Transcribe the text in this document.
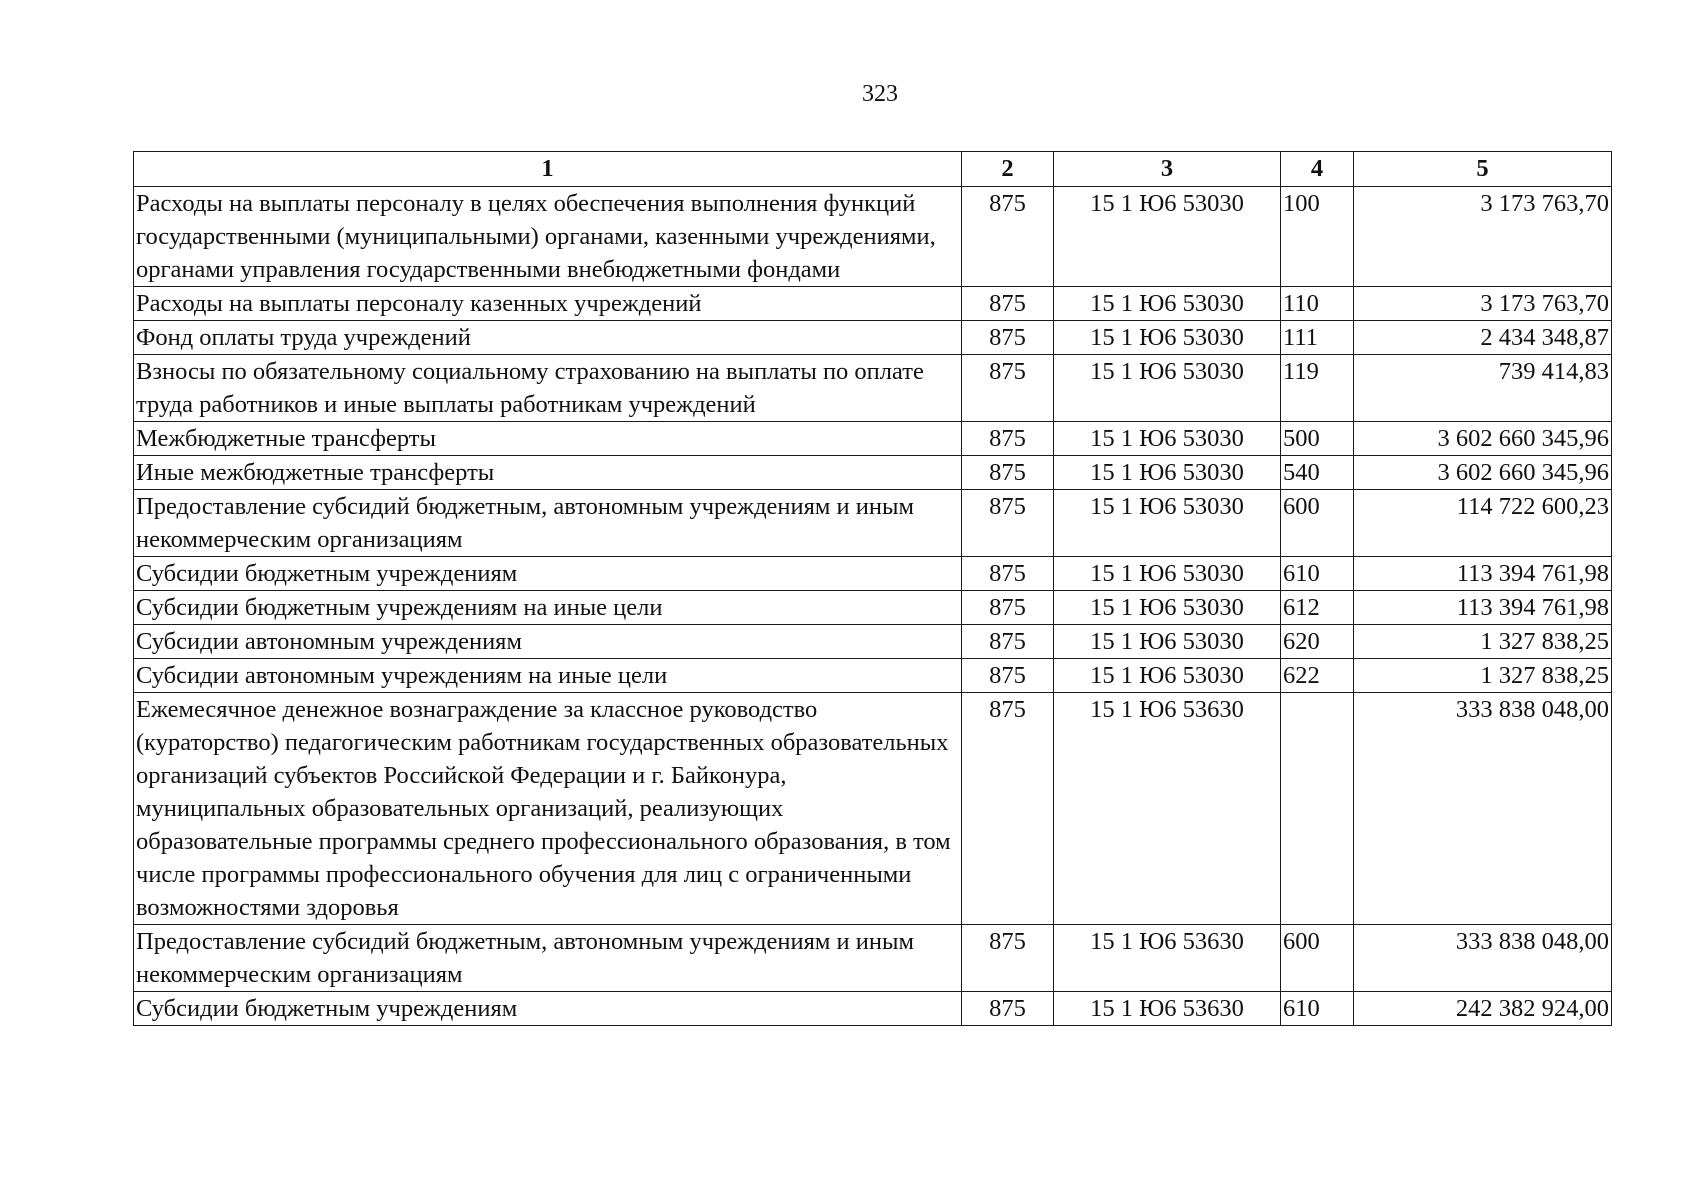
323
1	2	3	4	5
Расходы на выплаты персоналу в целях обеспечения выполнения функций государственными (муниципальными) органами, казенными учреждениями, органами управления государственными внебюджетными фондами	875	15 1 Ю6 53030	100	3 173 763,70
Расходы на выплаты персоналу казенных учреждений	875	15 1 Ю6 53030	110	3 173 763,70
Фонд оплаты труда учреждений	875	15 1 Ю6 53030	111	2 434 348,87
Взносы по обязательному социальному страхованию на выплаты по оплате труда работников и иные выплаты работникам учреждений	875	15 1 Ю6 53030	119	739 414,83
Межбюджетные трансферты	875	15 1 Ю6 53030	500	3 602 660 345,96
Иные межбюджетные трансферты	875	15 1 Ю6 53030	540	3 602 660 345,96
Предоставление субсидий бюджетным, автономным учреждениям и иным некоммерческим организациям	875	15 1 Ю6 53030	600	114 722 600,23
Субсидии бюджетным учреждениям	875	15 1 Ю6 53030	610	113 394 761,98
Субсидии бюджетным учреждениям на иные цели	875	15 1 Ю6 53030	612	113 394 761,98
Субсидии автономным учреждениям	875	15 1 Ю6 53030	620	1 327 838,25
Субсидии автономным учреждениям на иные цели	875	15 1 Ю6 53030	622	1 327 838,25
Ежемесячное денежное вознаграждение за классное руководство (кураторство) педагогическим работникам государственных образовательных организаций субъектов Российской Федерации и г. Байконура, муниципальных образовательных организаций, реализующих образовательные программы среднего профессионального образования, в том числе программы профессионального обучения для лиц с ограниченными возможностями здоровья	875	15 1 Ю6 53630		333 838 048,00
Предоставление субсидий бюджетным, автономным учреждениям и иным некоммерческим организациям	875	15 1 Ю6 53630	600	333 838 048,00
Субсидии бюджетным учреждениям	875	15 1 Ю6 53630	610	242 382 924,00
